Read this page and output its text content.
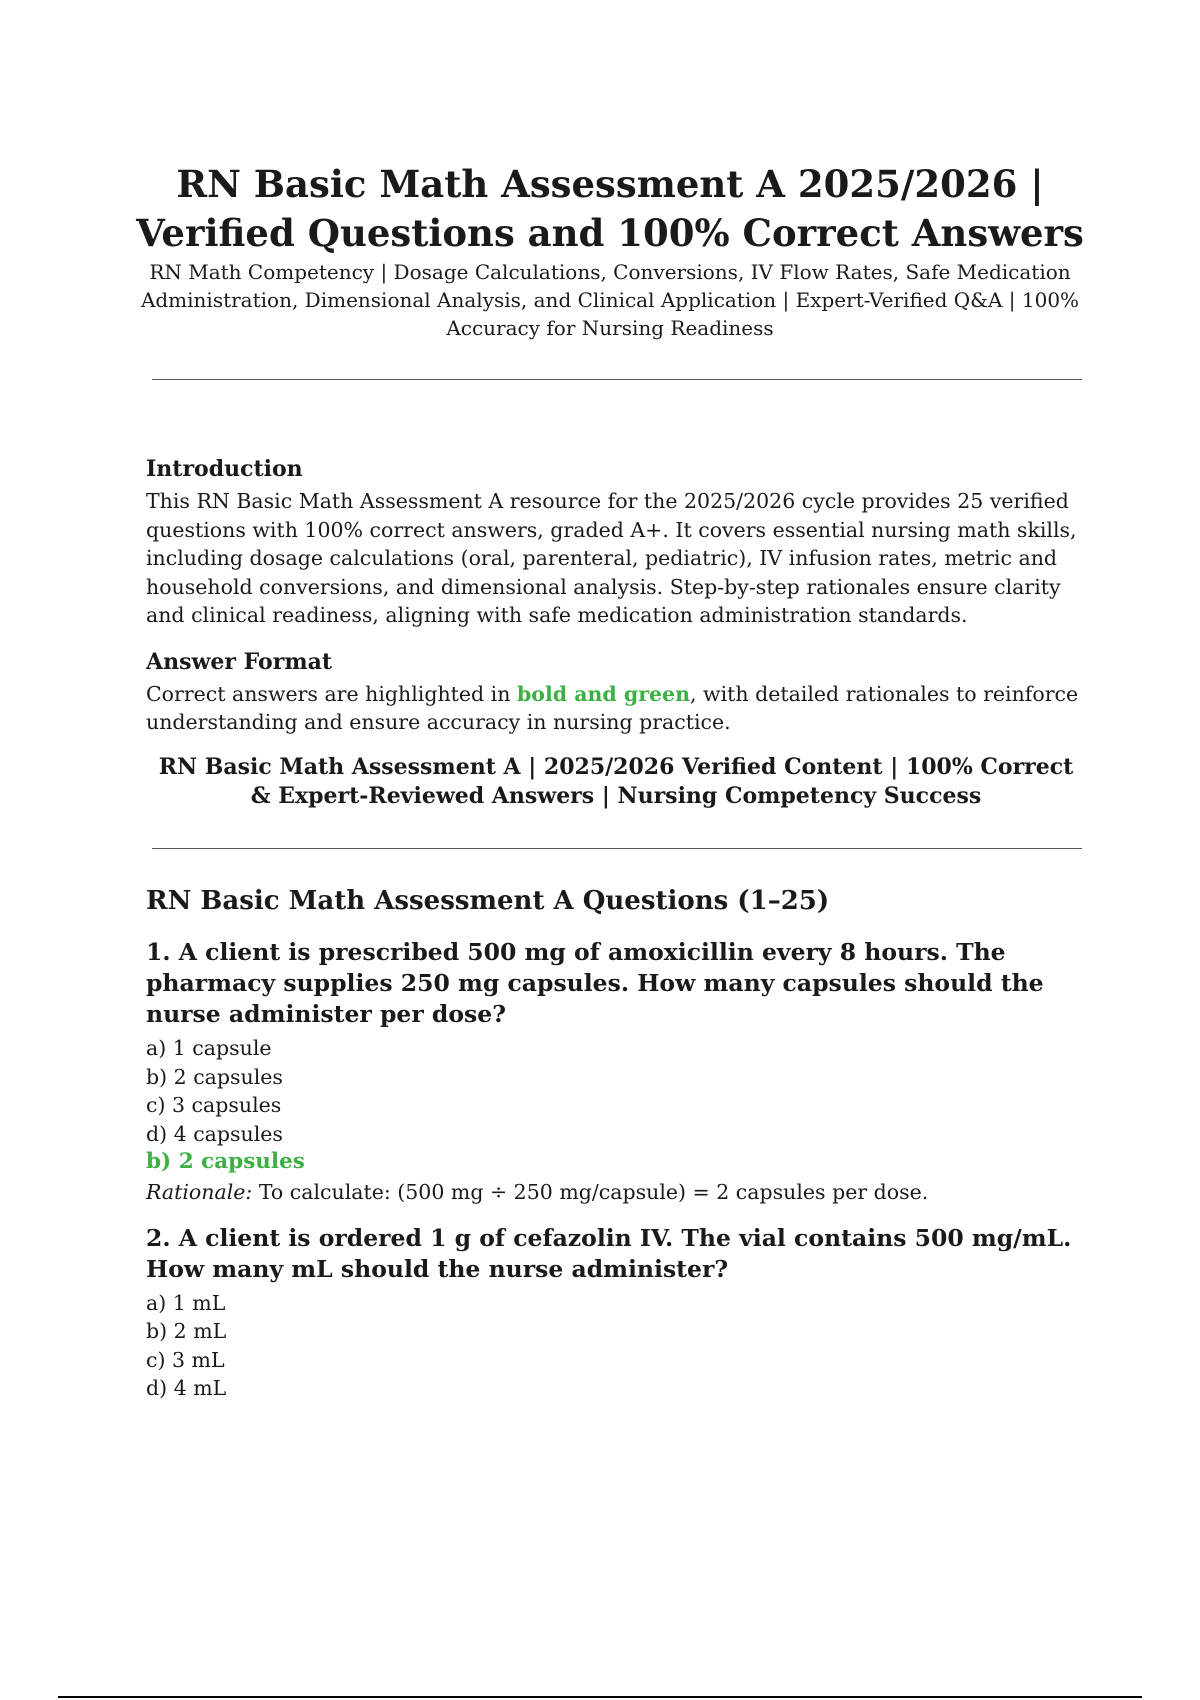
RN Basic Math Assessment A 2025/2026 | Verified Questions and 100% Correct Answers

RN Math Competency | Dosage Calculations, Conversions, IV Flow Rates, Safe Medication Administration, Dimensional Analysis, and Clinical Application | Expert-Verified Q&A | 100% Accuracy for Nursing Readiness

Introduction

This RN Basic Math Assessment A resource for the 2025/2026 cycle provides 25 verified questions with 100% correct answers, graded A+. It covers essential nursing math skills, including dosage calculations (oral, parenteral, pediatric), IV infusion rates, metric and household conversions, and dimensional analysis. Step-by-step rationales ensure clarity and clinical readiness, aligning with safe medication administration standards.

Answer Format

Correct answers are highlighted in bold and green, with detailed rationales to reinforce understanding and ensure accuracy in nursing practice.

RN Basic Math Assessment A | 2025/2026 Verified Content | 100% Correct & Expert-Reviewed Answers | Nursing Competency Success

RN Basic Math Assessment A Questions (1–25)

1. A client is prescribed 500 mg of amoxicillin every 8 hours. The pharmacy supplies 250 mg capsules. How many capsules should the nurse administer per dose?

a) 1 capsule

b) 2 capsules

c) 3 capsules

d) 4 capsules

b) 2 capsules

Rationale: To calculate: (500 mg ÷ 250 mg/capsule) = 2 capsules per dose.

2. A client is ordered 1 g of cefazolin IV. The vial contains 500 mg/mL. How many mL should the nurse administer?

a) 1 mL

b) 2 mL

c) 3 mL

d) 4 mL
